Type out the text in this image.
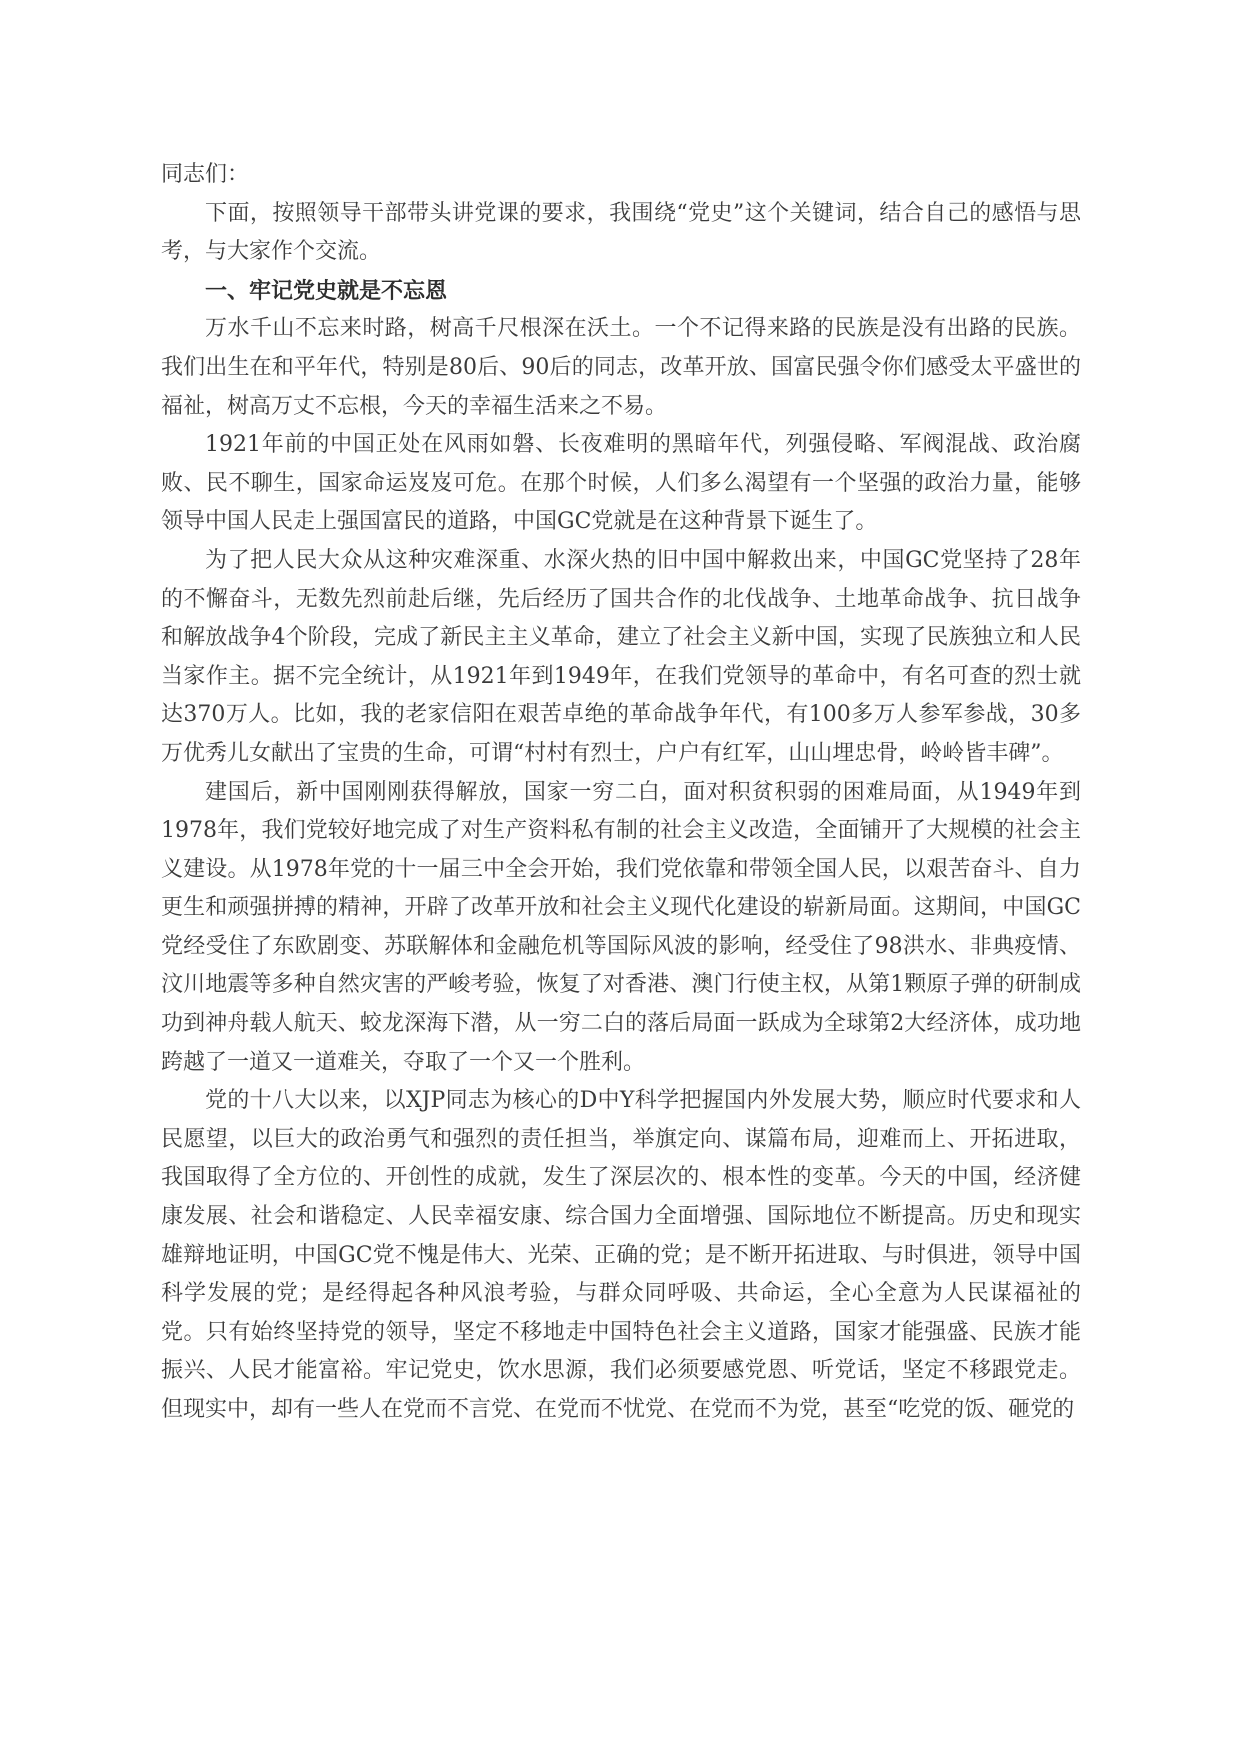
同志们：

下面，按照领导干部带头讲党课的要求，我围绕“党史”这个关键词，结合自己的感悟与思考，与大家作个交流。

一、牢记党史就是不忘恩

万水千山不忘来时路，树高千尺根深在沃土。一个不记得来路的民族是没有出路的民族。我们出生在和平年代，特别是80后、90后的同志，改革开放、国富民强令你们感受太平盛世的福祉，树高万丈不忘根，今天的幸福生活来之不易。

1921年前的中国正处在风雨如磐、长夜难明的黑暗年代，列强侵略、军阀混战、政治腐败、民不聊生，国家命运岌岌可危。在那个时候，人们多么渴望有一个坚强的政治力量，能够领导中国人民走上强国富民的道路，中国GC党就是在这种背景下诞生了。

为了把人民大众从这种灾难深重、水深火热的旧中国中解救出来，中国GC党坚持了28年的不懈奋斗，无数先烈前赴后继，先后经历了国共合作的北伐战争、土地革命战争、抗日战争和解放战争4个阶段，完成了新民主主义革命，建立了社会主义新中国，实现了民族独立和人民当家作主。据不完全统计，从1921年到1949年，在我们党领导的革命中，有名可查的烈士就达370万人。比如，我的老家信阳在艰苦卓绝的革命战争年代，有100多万人参军参战，30多万优秀儿女献出了宝贵的生命，可谓“村村有烈士，户户有红军，山山埋忠骨，岭岭皆丰碑”。

建国后，新中国刚刚获得解放，国家一穷二白，面对积贫积弱的困难局面，从1949年到1978年，我们党较好地完成了对生产资料私有制的社会主义改造，全面铺开了大规模的社会主义建设。从1978年党的十一届三中全会开始，我们党依靠和带领全国人民，以艰苦奋斗、自力更生和顽强拼搏的精神，开辟了改革开放和社会主义现代化建设的崭新局面。这期间，中国GC党经受住了东欧剧变、苏联解体和金融危机等国际风波的影响，经受住了98洪水、非典疫情、汶川地震等多种自然灾害的严峻考验，恢复了对香港、澳门行使主权，从第1颗原子弹的研制成功到神舟载人航天、蛟龙深海下潜，从一穷二白的落后局面一跃成为全球第2大经济体，成功地跨越了一道又一道难关，夺取了一个又一个胜利。

党的十八大以来，以XJP同志为核心的D中Y科学把握国内外发展大势，顺应时代要求和人民愿望，以巨大的政治勇气和强烈的责任担当，举旗定向、谋篇布局，迎难而上、开拓进取，我国取得了全方位的、开创性的成就，发生了深层次的、根本性的变革。今天的中国，经济健康发展、社会和谐稳定、人民幸福安康、综合国力全面增强、国际地位不断提高。历史和现实雄辩地证明，中国GC党不愧是伟大、光荣、正确的党；是不断开拓进取、与时俱进，领导中国科学发展的党；是经得起各种风浪考验，与群众同呼吸、共命运，全心全意为人民谋福祉的党。只有始终坚持党的领导，坚定不移地走中国特色社会主义道路，国家才能强盛、民族才能振兴、人民才能富裕。牢记党史，饮水思源，我们必须要感党恩、听党话，坚定不移跟党走。但现实中，却有一些人在党而不言党、在党而不忧党、在党而不为党，甚至“吃党的饭、砸党的
